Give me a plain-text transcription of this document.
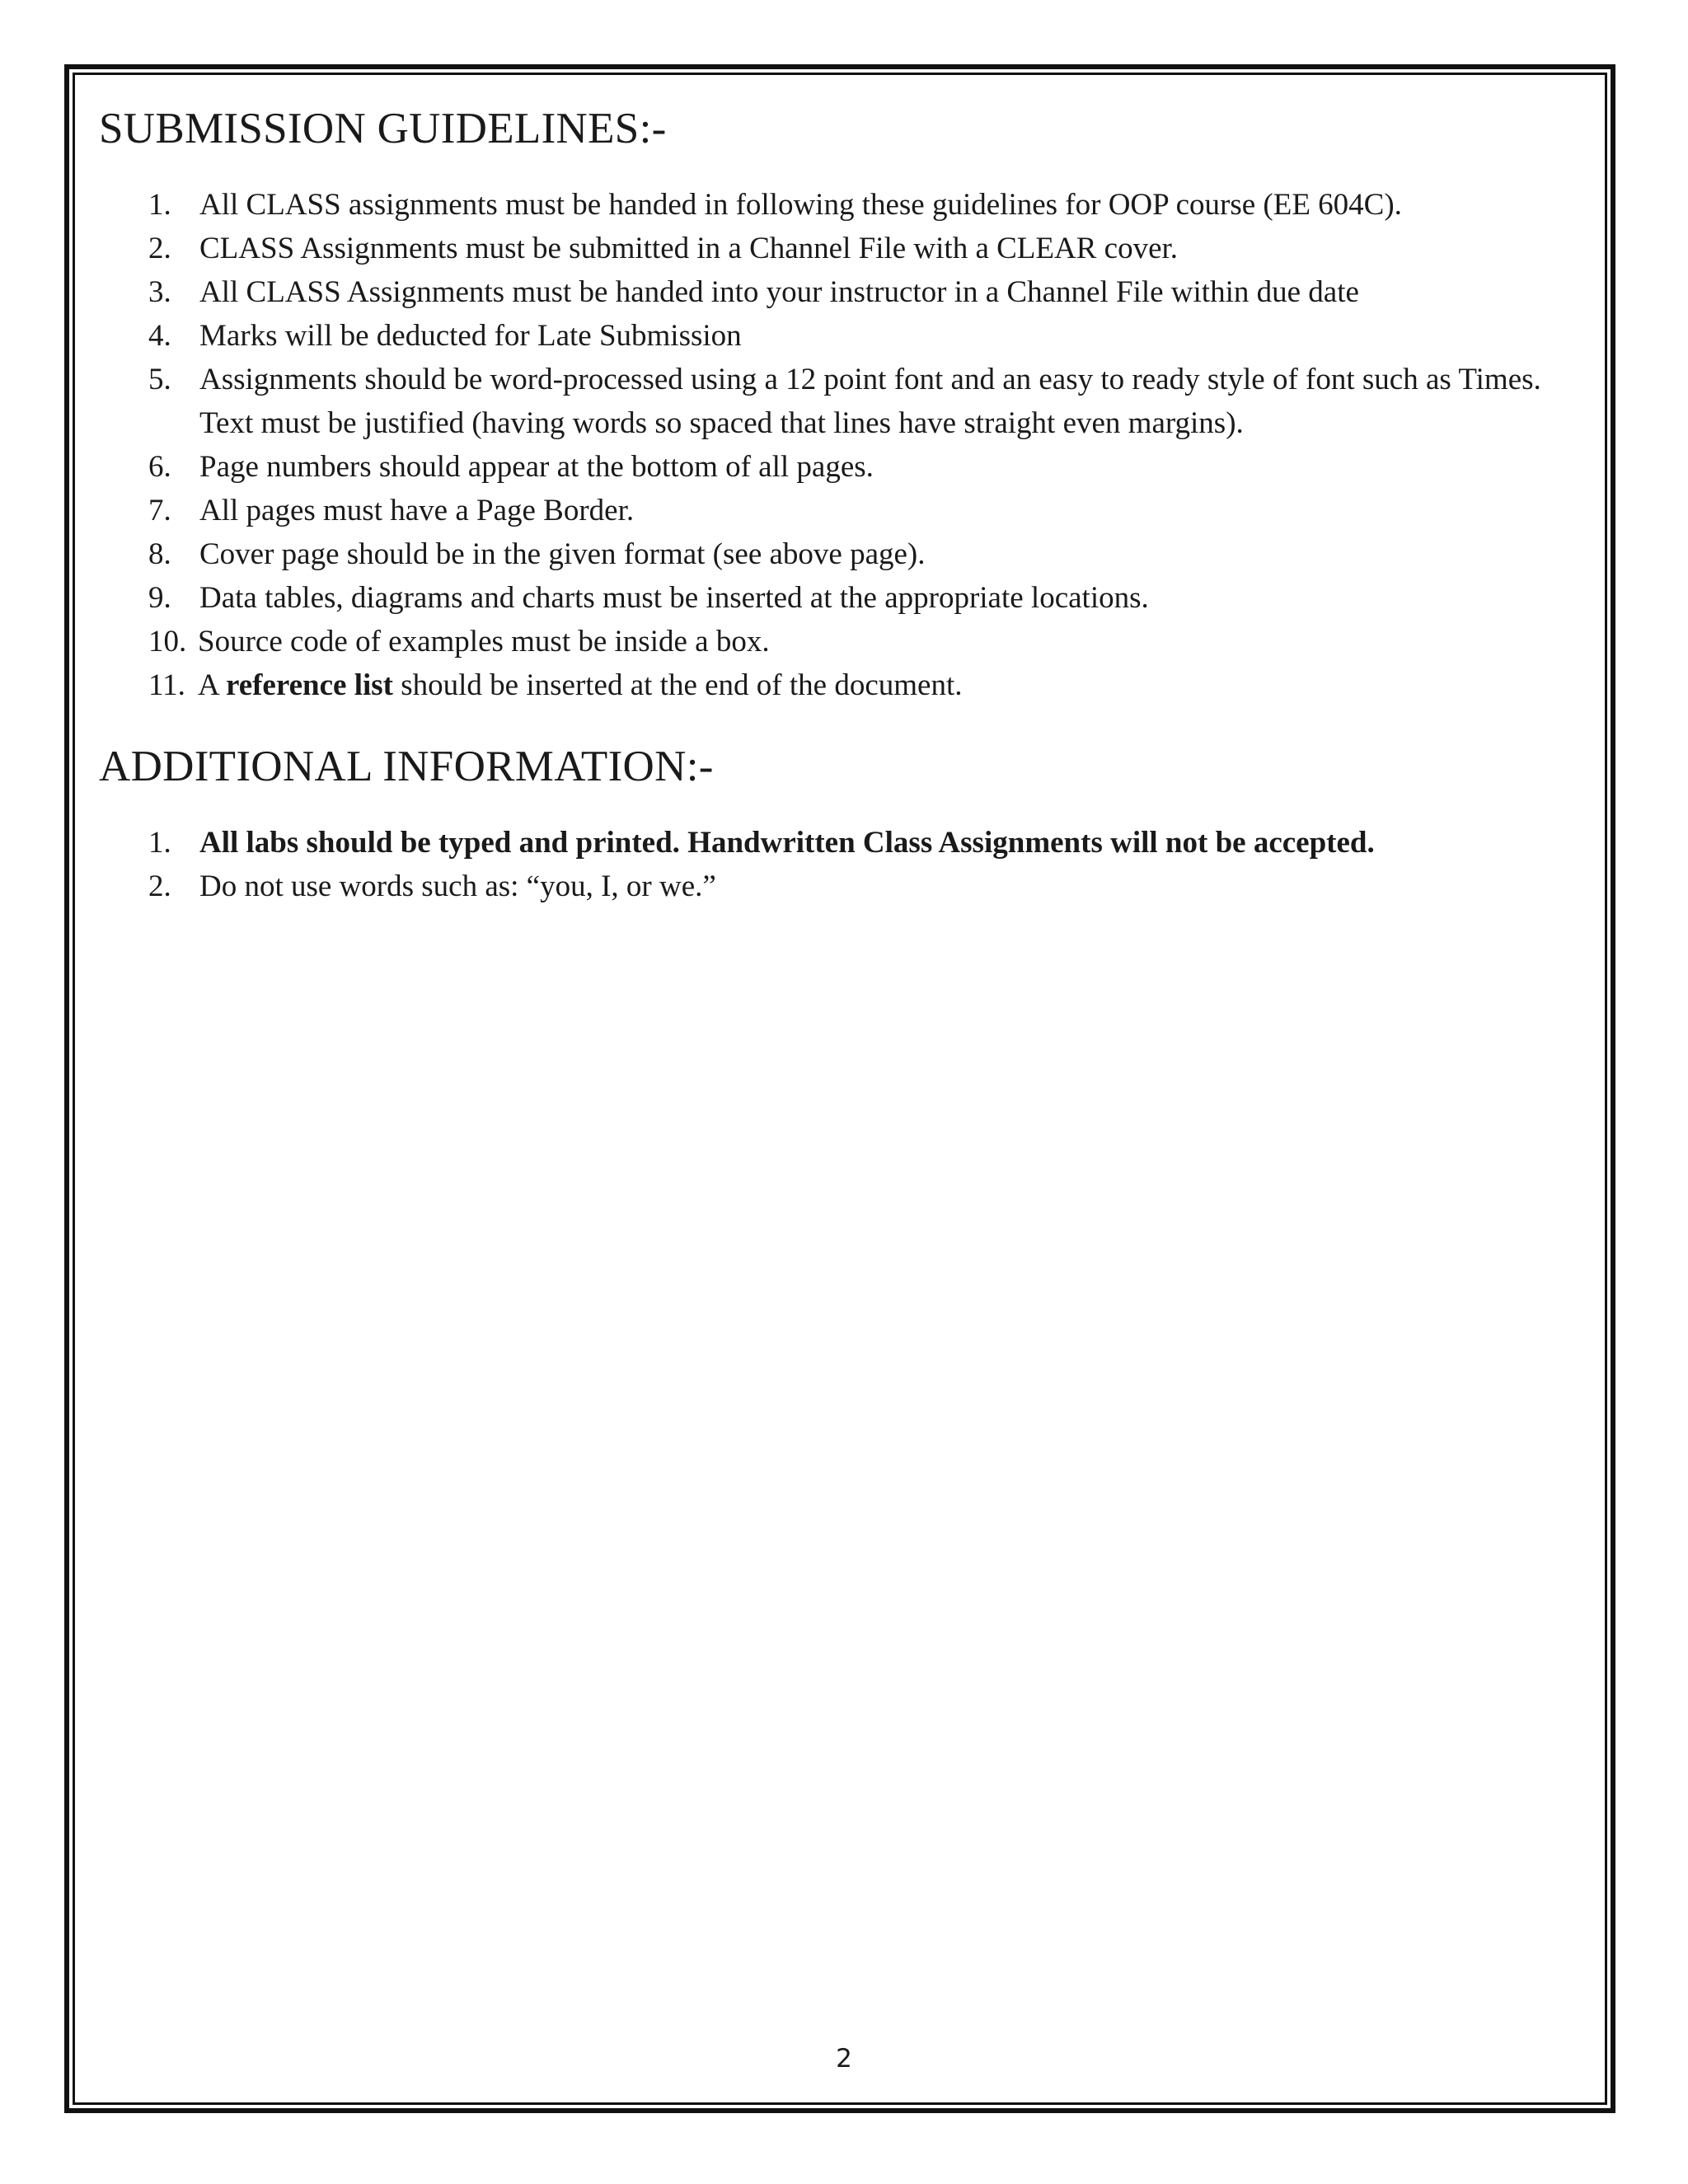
SUBMISSION GUIDELINES:-
1. All CLASS assignments must be handed in following these guidelines for OOP course (EE 604C).
2. CLASS Assignments must be submitted in a Channel File with a CLEAR cover.
3. All CLASS Assignments must be handed into your instructor in a Channel File within due date
4. Marks will be deducted for Late Submission
5. Assignments should be word-processed using a 12 point font and an easy to ready style of font such as Times. Text must be justified (having words so spaced that lines have straight even margins).
6. Page numbers should appear at the bottom of all pages.
7. All pages must have a Page Border.
8. Cover page should be in the given format (see above page).
9. Data tables, diagrams and charts must be inserted at the appropriate locations.
10. Source code of examples must be inside a box.
11. A reference list should be inserted at the end of the document.
ADDITIONAL INFORMATION:-
1. All labs should be typed and printed. Handwritten Class Assignments will not be accepted.
2. Do not use words such as: “you, I, or we.”
2
